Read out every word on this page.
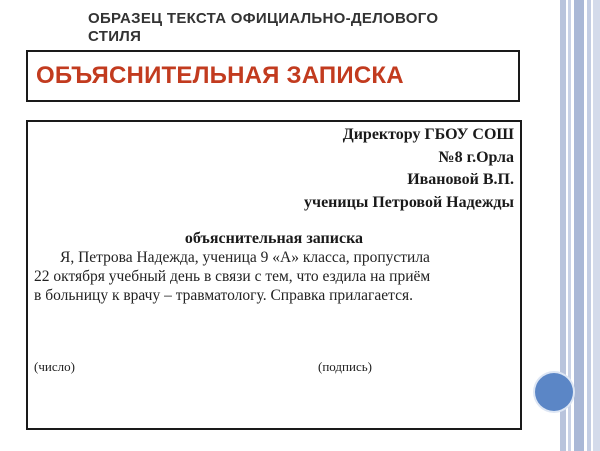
ОБРАЗЕЦ ТЕКСТА ОФИЦИАЛЬНО-ДЕЛОВОГО СТИЛЯ
ОБЪЯСНИТЕЛЬНАЯ ЗАПИСКА
Директору ГБОУ СОШ
№8 г.Орла
Ивановой В.П.
ученицы Петровой Надежды
объяснительная записка
Я, Петрова Надежда, ученица 9 «А» класса, пропустила
22 октября учебный день в связи с тем, что ездила на приём
в больницу к врачу – травматологу. Справка прилагается.
(число)	(подпись)
